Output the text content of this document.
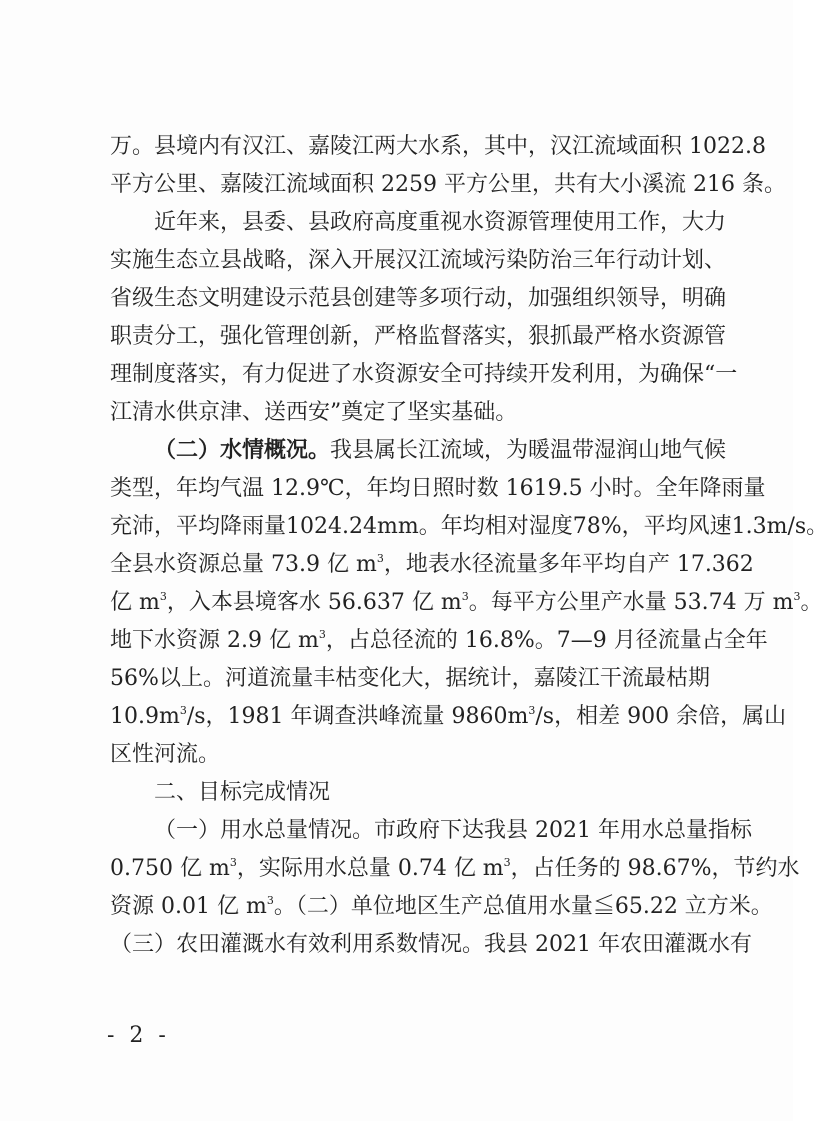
万。县境内有汉江、嘉陵江两大水系，其中，汉江流域面积 1022.8
平方公里、嘉陵江流域面积 2259 平方公里，共有大小溪流 216 条。
近年来，县委、县政府高度重视水资源管理使用工作，大力
实施生态立县战略，深入开展汉江流域污染防治三年行动计划、
省级生态文明建设示范县创建等多项行动，加强组织领导，明确
职责分工，强化管理创新，严格监督落实，狠抓最严格水资源管
理制度落实，有力促进了水资源安全可持续开发利用，为确保“一
江清水供京津、送西安”奠定了坚实基础。
（二）水情概况。我县属长江流域，为暖温带湿润山地气候
类型，年均气温 12.9℃，年均日照时数 1619.5 小时。全年降雨量
充沛，平均降雨量1024.24mm。年均相对湿度78%，平均风速1.3m/s。
全县水资源总量 73.9 亿 $m^3$，地表水径流量多年平均自产 17.362
亿 $m^3$，入本县境客水 56.637 亿 $m^3$。每平方公里产水量 53.74 万 $m^3$。
地下水资源 2.9 亿 $m^3$，占总径流的 16.8%。7—9 月径流量占全年
56%以上。河道流量丰枯变化大，据统计，嘉陵江干流最枯期
$10.9m^3/s$，1981 年调查洪峰流量 $9860m^3/s$，相差 900 余倍，属山
区性河流。
二、目标完成情况
（一）用水总量情况。市政府下达我县 2021 年用水总量指标
0.750 亿 $m^3$，实际用水总量 0.74 亿 $m^3$，占任务的 98.67%，节约水
资源 0.01 亿 $m^3$。（二）单位地区生产总值用水量≦65.22 立方米。
（三）农田灌溉水有效利用系数情况。我县 2021 年农田灌溉水有
- 2 -
